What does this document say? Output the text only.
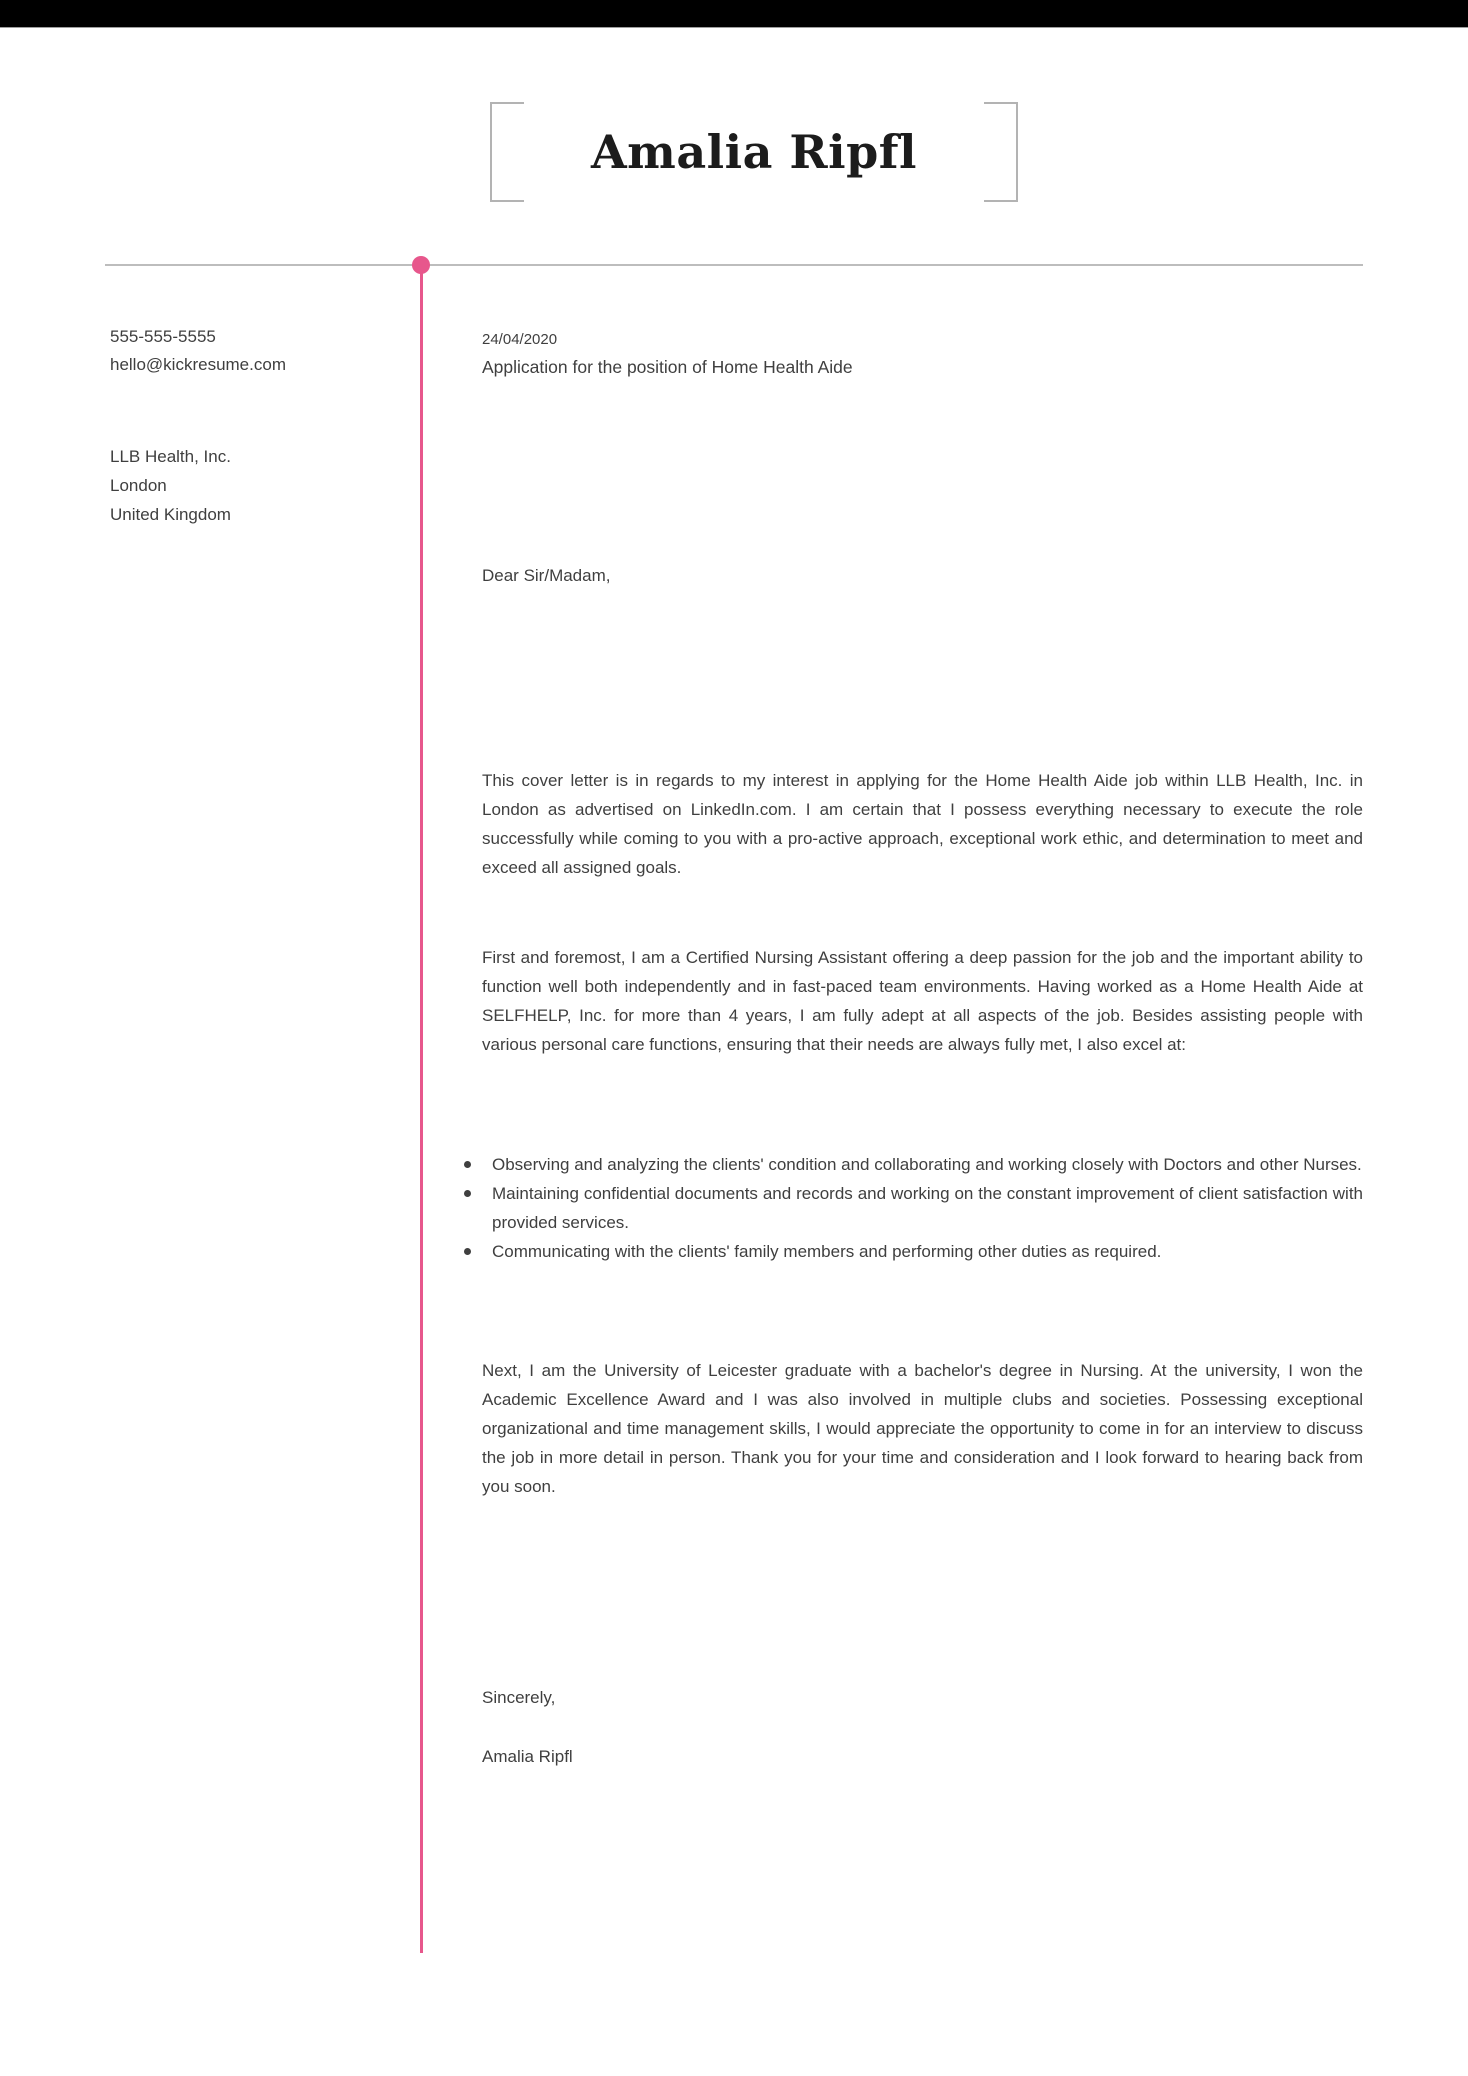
Amalia Ripfl
555-555-5555
hello@kickresume.com
LLB Health, Inc.
London
United Kingdom
24/04/2020
Application for the position of Home Health Aide
Dear Sir/Madam,

This cover letter is in regards to my interest in applying for the Home Health Aide job within LLB Health, Inc. in London as advertised on LinkedIn.com. I am certain that I possess everything necessary to execute the role successfully while coming to you with a pro-active approach, exceptional work ethic, and determination to meet and exceed all assigned goals.

First and foremost, I am a Certified Nursing Assistant offering a deep passion for the job and the important ability to function well both independently and in fast-paced team environments. Having worked as a Home Health Aide at SELFHELP, Inc. for more than 4 years, I am fully adept at all aspects of the job. Besides assisting people with various personal care functions, ensuring that their needs are always fully met, I also excel at:

Observing and analyzing the clients' condition and collaborating and working closely with Doctors and other Nurses.
Maintaining confidential documents and records and working on the constant improvement of client satisfaction with provided services.
Communicating with the clients' family members and performing other duties as required.

Next, I am the University of Leicester graduate with a bachelor's degree in Nursing. At the university, I won the Academic Excellence Award and I was also involved in multiple clubs and societies. Possessing exceptional organizational and time management skills, I would appreciate the opportunity to come in for an interview to discuss the job in more detail in person. Thank you for your time and consideration and I look forward to hearing back from you soon.

Sincerely,
Amalia Ripfl
